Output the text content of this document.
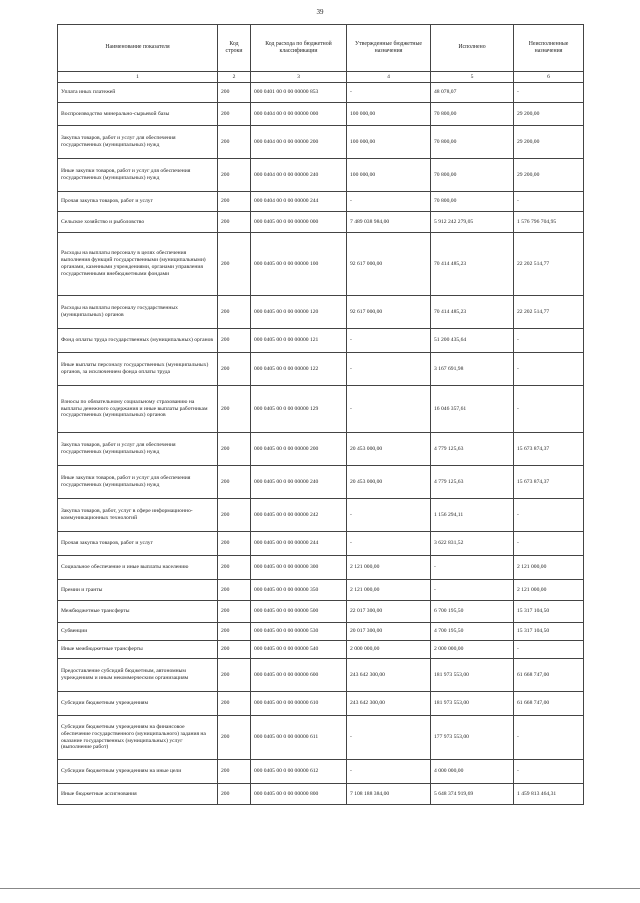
39
Наименование показателя	Код строки	Код расхода по бюджетной классификации	Утвержденные бюджетные назначения	Исполнено	Неисполненные назначения
1	2	3	4	5	6
Уплата иных платежей	200	000 0401 00 0 00 00000 853	-	48 078,07	-
Воспроизводство минерально-сырьевой базы	200	000 0404 00 0 00 00000 000	100 000,00	70 800,00	29 200,00
Закупка товаров, работ и услуг для обеспечения государственных (муниципальных) нужд	200	000 0404 00 0 00 00000 200	100 000,00	70 800,00	29 200,00
Иные закупки товаров, работ и услуг для обеспечения государственных (муниципальных) нужд	200	000 0404 00 0 00 00000 240	100 000,00	70 800,00	29 200,00
Прочая закупка товаров, работ и услуг	200	000 0404 00 0 00 00000 244	-	70 800,00	-
Сельское хозяйство и рыболовство	200	000 0405 00 0 00 00000 000	7 489 038 984,00	5 912 242 279,05	1 576 796 704,95
Расходы на выплаты персоналу в целях обеспечения выполнения функций государственными (муниципальными) органами, казенными учреждениями, органами управления государственными внебюджетными фондами	200	000 0405 00 0 00 00000 100	92 617 000,00	70 414 485,23	22 202 514,77
Расходы на выплаты персоналу государственных (муниципальных) органов	200	000 0405 00 0 00 00000 120	92 617 000,00	70 414 485,23	22 202 514,77
Фонд оплаты труда государственных (муниципальных) органов	200	000 0405 00 0 00 00000 121	-	51 200 435,64	-
Иные выплаты персоналу государственных (муниципальных) органов, за исключением фонда оплаты труда	200	000 0405 00 0 00 00000 122	-	3 167 691,98	-
Взносы по обязательному социальному страхованию на выплаты денежного содержания и иные выплаты работникам государственных (муниципальных) органов	200	000 0405 00 0 00 00000 129	-	16 046 357,61	-
Закупка товаров, работ и услуг для обеспечения государственных (муниципальных) нужд	200	000 0405 00 0 00 00000 200	20 453 000,00	4 779 125,63	15 673 874,37
Иные закупки товаров, работ и услуг для обеспечения государственных (муниципальных) нужд	200	000 0405 00 0 00 00000 240	20 453 000,00	4 779 125,63	15 673 874,37
Закупка товаров, работ, услуг в сфере информационно-коммуникационных технологий	200	000 0405 00 0 00 00000 242	-	1 156 294,11	-
Прочая закупка товаров, работ и услуг	200	000 0405 00 0 00 00000 244	-	3 622 831,52	-
Социальное обеспечение и иные выплаты населению	200	000 0405 00 0 00 00000 300	2 121 000,00	-	2 121 000,00
Премии и гранты	200	000 0405 00 0 00 00000 350	2 121 000,00	-	2 121 000,00
Межбюджетные трансферты	200	000 0405 00 0 00 00000 500	22 017 300,00	6 700 195,50	15 317 104,50
Субвенции	200	000 0405 00 0 00 00000 530	20 017 300,00	4 700 195,50	15 317 104,50
Иные межбюджетные трансферты	200	000 0405 00 0 00 00000 540	2 000 000,00	2 000 000,00	-
Предоставление субсидий бюджетным, автономным учреждениям и иным некоммерческим организациям	200	000 0405 00 0 00 00000 600	243 642 300,00	181 973 553,00	61 668 747,00
Субсидии бюджетным учреждениям	200	000 0405 00 0 00 00000 610	243 642 300,00	181 973 553,00	61 668 747,00
Субсидии бюджетным учреждениям на финансовое обеспечение государственного (муниципального) задания на оказание государственных (муниципальных) услуг (выполнение работ)	200	000 0405 00 0 00 00000 611	-	177 973 553,00	-
Субсидии бюджетным учреждениям на иные цели	200	000 0405 00 0 00 00000 612	-	4 000 000,00	-
Иные бюджетные ассигнования	200	000 0405 00 0 00 00000 800	7 108 188 384,00	5 648 374 919,69	1 459 813 464,31
